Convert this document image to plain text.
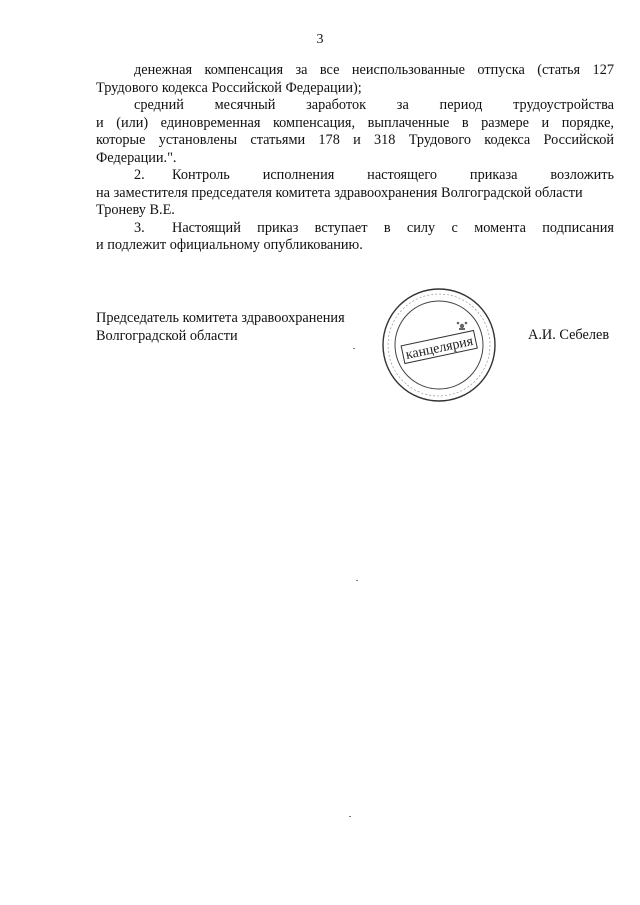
3
денежная компенсация за все неиспользованные отпуска (статья 127
Трудового кодекса Российской Федерации);
средний месячный заработок за период трудоустройства
и (или) единовременная компенсация, выплаченные в размере и порядке,
которые установлены статьями 178 и 318 Трудового кодекса Российской
Федерации.".
2.	Контроль исполнения настоящего приказа возложить
на заместителя председателя комитета здравоохранения Волгоградской области
Троневу В.Е.
3.	Настоящий приказ вступает в силу с момента подписания
и подлежит официальному опубликованию.
Председатель комитета здравоохранения
Волгоградской области	канцелярия	А.И. Себелев
